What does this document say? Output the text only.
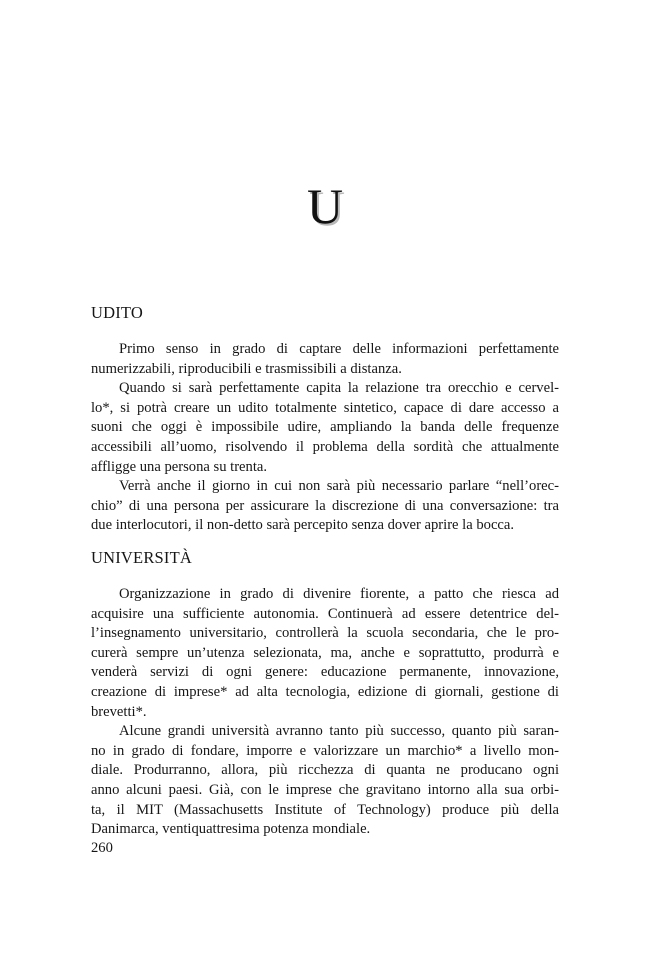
U
UDITO
Primo senso in grado di captare delle informazioni perfettamente
numerizzabili, riproducibili e trasmissibili a distanza.
Quando si sarà perfettamente capita la relazione tra orecchio e cervel-
lo*, si potrà creare un udito totalmente sintetico, capace di dare accesso a
suoni che oggi è impossibile udire, ampliando la banda delle frequenze
accessibili all’uomo, risolvendo il problema della sordità che attualmente
affligge una persona su trenta.
Verrà anche il giorno in cui non sarà più necessario parlare “nell’orec-
chio” di una persona per assicurare la discrezione di una conversazione: tra
due interlocutori, il non-detto sarà percepito senza dover aprire la bocca.
UNIVERSITÀ
Organizzazione in grado di divenire fiorente, a patto che riesca ad
acquisire una sufficiente autonomia. Continuerà ad essere detentrice del-
l’insegnamento universitario, controllerà la scuola secondaria, che le pro-
curerà sempre un’utenza selezionata, ma, anche e soprattutto, produrrà e
venderà servizi di ogni genere: educazione permanente, innovazione,
creazione di imprese* ad alta tecnologia, edizione di giornali, gestione di
brevetti*.
Alcune grandi università avranno tanto più successo, quanto più saran-
no in grado di fondare, imporre e valorizzare un marchio* a livello mon-
diale. Produrranno, allora, più ricchezza di quanta ne producano ogni
anno alcuni paesi. Già, con le imprese che gravitano intorno alla sua orbi-
ta, il MIT (Massachusetts Institute of Technology) produce più della
Danimarca, ventiquattresima potenza mondiale.
260
